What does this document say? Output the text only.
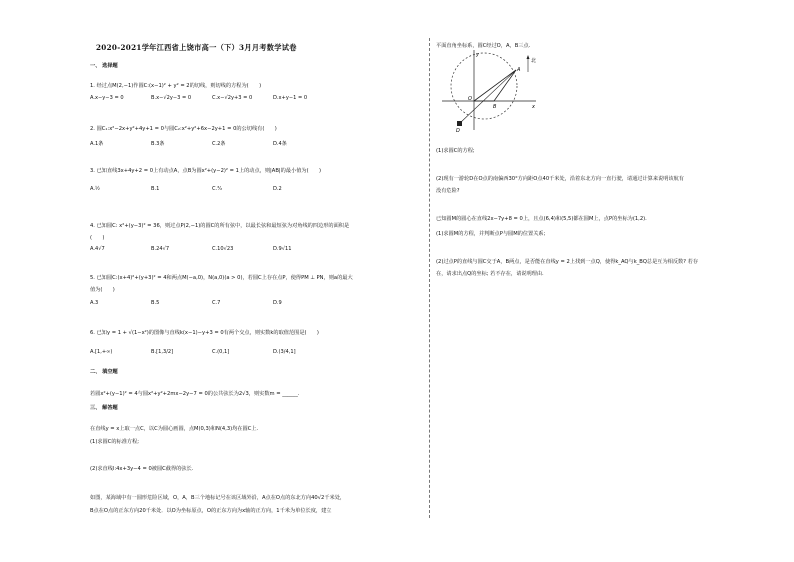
2020-2021学年江西省上饶市高一（下）3月月考数学试卷
一、 选择题
1. 经过点M(2,−1)作圆C:(x−1)² + y² = 2的切线，则切线的方程为(　　)
A.x−y−3 = 0	B.x−√2y−3 = 0	C.x−√2y+3 = 0	D.x+y−1 = 0
2. 圆C₁:x²−2x+y²+4y+1 = 0与圆C₂:x²+y²+6x−2y+1 = 0的公切线有(　　)
A.1条	B.3条	C.2条	D.4条
3. 已知直线3x+4y+2 = 0上有动点A，点B为圆x²+(y−2)² = 1上的动点，则|AB|的最小值为(　　)
A.½	B.1	C.³⁄₂	D.2
4. 已知圆C: x²+(y−3)² = 36，则过点P(2,−1)的圆C的所有弦中，以最长弦和最短弦为对角线的四边形的面积是
(　　)
A.4√7	B.24√7	C.10√23	D.9√11
5. 已知圆C:(x+4)²+(y+3)² = 4和两点M(−a,0)，N(a,0)(a > 0)，若圆C上存在点P，使得PM ⊥ PN，则a的最大
值为(　　)
A.3	B.5	C.7	D.9
6. 已知y = 1 + √(1−x²)的图像与直线k(x−1)−y+3 = 0有两个交点，则实数k的取值范围是(　　)
A.[1,+∞)	B.[1,3/2]	C.(0,1]	D.(3/4,1]
二、 填空题
若圆x²+(y−1)² = 4与圆x²+y²+2mx−2y−7 = 0的公共弦长为2√3，则实数m = ______.
三、 解答题
在直线y = x上取一点C，以C为圆心画圆，点M(0,3)和N(4,3)均在圆C上.
(1)求圆C的标准方程;
(2)求直线l:4x+3y−4 = 0被圆C截得的弦长.
如图，某海域中有一圆形危险区域，O，A，B三个地标记号在该区域外沿，A点在O点的东北方向40√2千米处，
B点在O点的正东方向20千米处．以O为坐标原点，O的正东方向为x轴的正方向，1千米为单位长度，建立
平面直角坐标系，圆C经过O，A，B三点.
北
A
O
B	x
y
D
(1)求圆C的方程;
(2)现有一游轮D在O点的南偏西30°方向距O点40千米处，沿着东北方向一直行驶，请通过计算来说明该航有
没有危险?
已知圆M的圆心在直线2x−7y+8 = 0上，且点(6,4)和(5,5)都在圆M上，点P的坐标为(1,2).
(1)求圆M的方程，并判断点P与圆M的位置关系;
(2)过点P的直线与圆C交于A，B两点，是否能在直线y = 2上找到一点Q，使得k_AQ与k_BQ总是互为相反数? 若存
在，请求出点Q的坐标; 若不存在，请说明理由.
